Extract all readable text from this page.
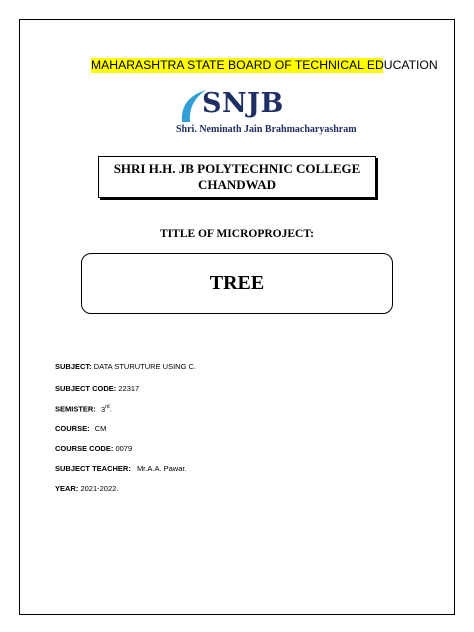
MAHARASHTRA STATE BOARD OF TECHNICAL EDUCATION
SNJB
Shri. Neminath Jain Brahmacharyashram
SHRI H.H. JB POLYTECHNIC COLLEGE
CHANDWAD
TITLE OF MICROPROJECT:
TREE
SUBJECT: DATA STURUTURE USING C.
SUBJECT CODE: 22317
SEMISTER: 3rd.
COURSE: CM
COURSE CODE: 0079
SUBJECT TEACHER: Mr.A.A. Pawar.
YEAR: 2021-2022.
